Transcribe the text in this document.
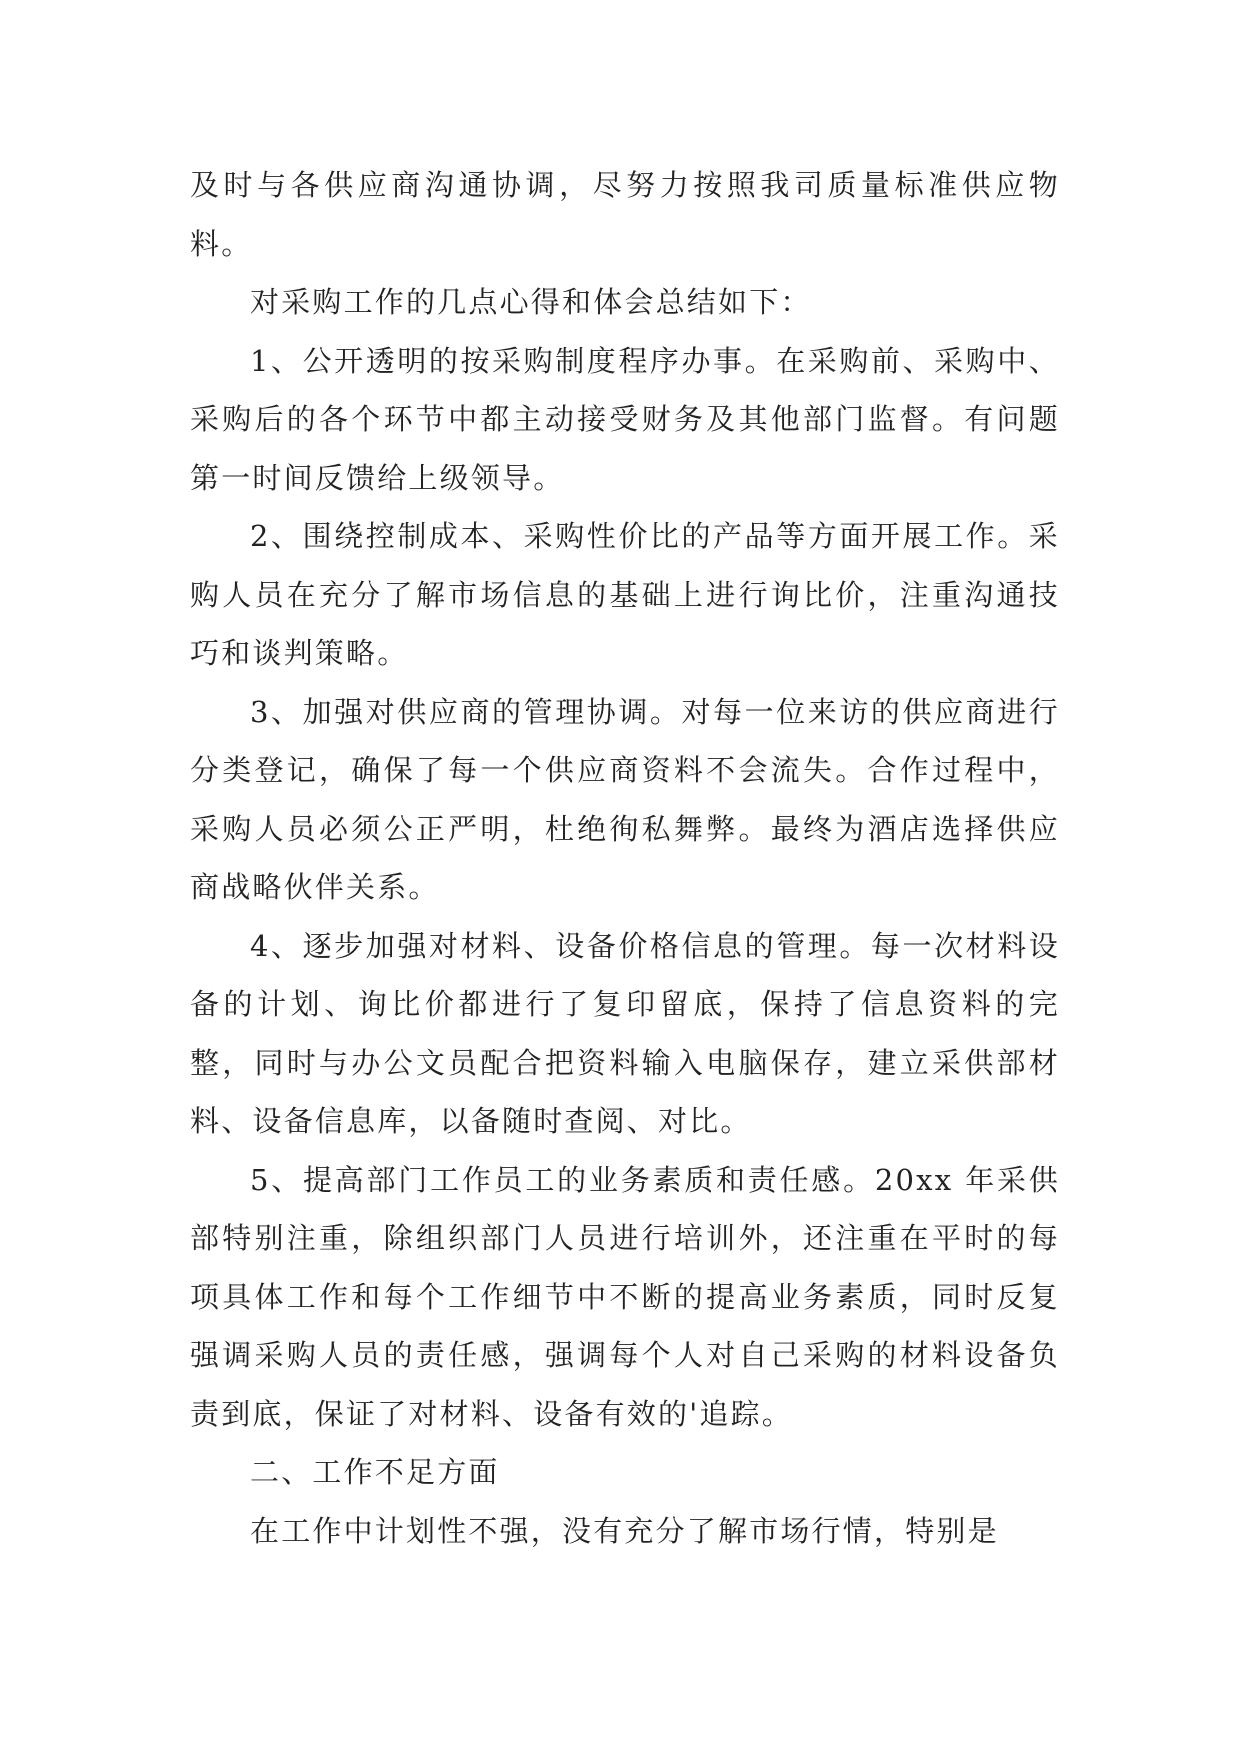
及时与各供应商沟通协调，尽努力按照我司质量标准供应物料。

对采购工作的几点心得和体会总结如下：

1、公开透明的按采购制度程序办事。在采购前、采购中、采购后的各个环节中都主动接受财务及其他部门监督。有问题第一时间反馈给上级领导。

2、围绕控制成本、采购性价比的产品等方面开展工作。采购人员在充分了解市场信息的基础上进行询比价，注重沟通技巧和谈判策略。

3、加强对供应商的管理协调。对每一位来访的供应商进行分类登记，确保了每一个供应商资料不会流失。合作过程中，采购人员必须公正严明，杜绝徇私舞弊。最终为酒店选择供应商战略伙伴关系。

4、逐步加强对材料、设备价格信息的管理。每一次材料设备的计划、询比价都进行了复印留底，保持了信息资料的完整，同时与办公文员配合把资料输入电脑保存，建立采供部材料、设备信息库，以备随时查阅、对比。

5、提高部门工作员工的业务素质和责任感。20xx 年采供部特别注重，除组织部门人员进行培训外，还注重在平时的每项具体工作和每个工作细节中不断的提高业务素质，同时反复强调采购人员的责任感，强调每个人对自己采购的材料设备负责到底，保证了对材料、设备有效的'追踪。

二、工作不足方面

在工作中计划性不强，没有充分了解市场行情，特别是
